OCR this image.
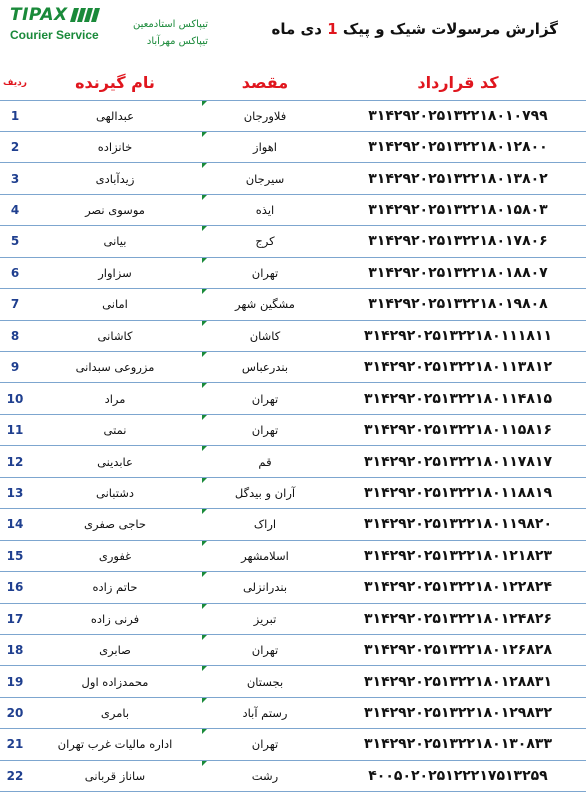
TIPAX
Courier Service
تیپاکس استادمعین
تیپاکس مهرآباد
گزارش مرسولات شیک و پیک 1 دی ماه
ردیف	نام گیرنده	مقصد	کد قرارداد
1	عبدالهی	فلاورجان	۳۱۴۲۹۲۰۲۵۱۳۲۲۱۸۰۱۰۷۹۹
2	خانزاده	اهواز	۳۱۴۲۹۲۰۲۵۱۳۲۲۱۸۰۱۲۸۰۰
3	زیدآبادی	سیرجان	۳۱۴۲۹۲۰۲۵۱۳۲۲۱۸۰۱۳۸۰۲
4	موسوی نصر	ایذه	۳۱۴۲۹۲۰۲۵۱۳۲۲۱۸۰۱۵۸۰۳
5	بیانی	کرج	۳۱۴۲۹۲۰۲۵۱۳۲۲۱۸۰۱۷۸۰۶
6	سزاوار	تهران	۳۱۴۲۹۲۰۲۵۱۳۲۲۱۸۰۱۸۸۰۷
7	امانی	مشگین شهر	۳۱۴۲۹۲۰۲۵۱۳۲۲۱۸۰۱۹۸۰۸
8	کاشانی	کاشان	۳۱۴۲۹۲۰۲۵۱۳۲۲۱۸۰۱۱۱۸۱۱
9	مزروعی سبدانی	بندرعباس	۳۱۴۲۹۲۰۲۵۱۳۲۲۱۸۰۱۱۳۸۱۲
10	مراد	تهران	۳۱۴۲۹۲۰۲۵۱۳۲۲۱۸۰۱۱۴۸۱۵
11	نمتی	تهران	۳۱۴۲۹۲۰۲۵۱۳۲۲۱۸۰۱۱۵۸۱۶
12	عابدینی	قم	۳۱۴۲۹۲۰۲۵۱۳۲۲۱۸۰۱۱۷۸۱۷
13	دشتبانی	آران و بیدگل	۳۱۴۲۹۲۰۲۵۱۳۲۲۱۸۰۱۱۸۸۱۹
14	حاجی صفری	اراک	۳۱۴۲۹۲۰۲۵۱۳۲۲۱۸۰۱۱۹۸۲۰
15	غفوری	اسلامشهر	۳۱۴۲۹۲۰۲۵۱۳۲۲۱۸۰۱۲۱۸۲۳
16	حاتم زاده	بندرانزلی	۳۱۴۲۹۲۰۲۵۱۳۲۲۱۸۰۱۲۲۸۲۴
17	فرنی زاده	تبریز	۳۱۴۲۹۲۰۲۵۱۳۲۲۱۸۰۱۲۴۸۲۶
18	صابری	تهران	۳۱۴۲۹۲۰۲۵۱۳۲۲۱۸۰۱۲۶۸۲۸
19	محمدزاده اول	بجستان	۳۱۴۲۹۲۰۲۵۱۳۲۲۱۸۰۱۲۸۸۳۱
20	بامری	رستم آباد	۳۱۴۲۹۲۰۲۵۱۳۲۲۱۸۰۱۲۹۸۳۲
21	اداره مالیات غرب تهران	تهران	۳۱۴۲۹۲۰۲۵۱۳۲۲۱۸۰۱۳۰۸۳۳
22	ساناز قربانی	رشت	۴۰۰۵۰۲۰۲۵۱۲۲۲۱۷۵۱۳۲۵۹
